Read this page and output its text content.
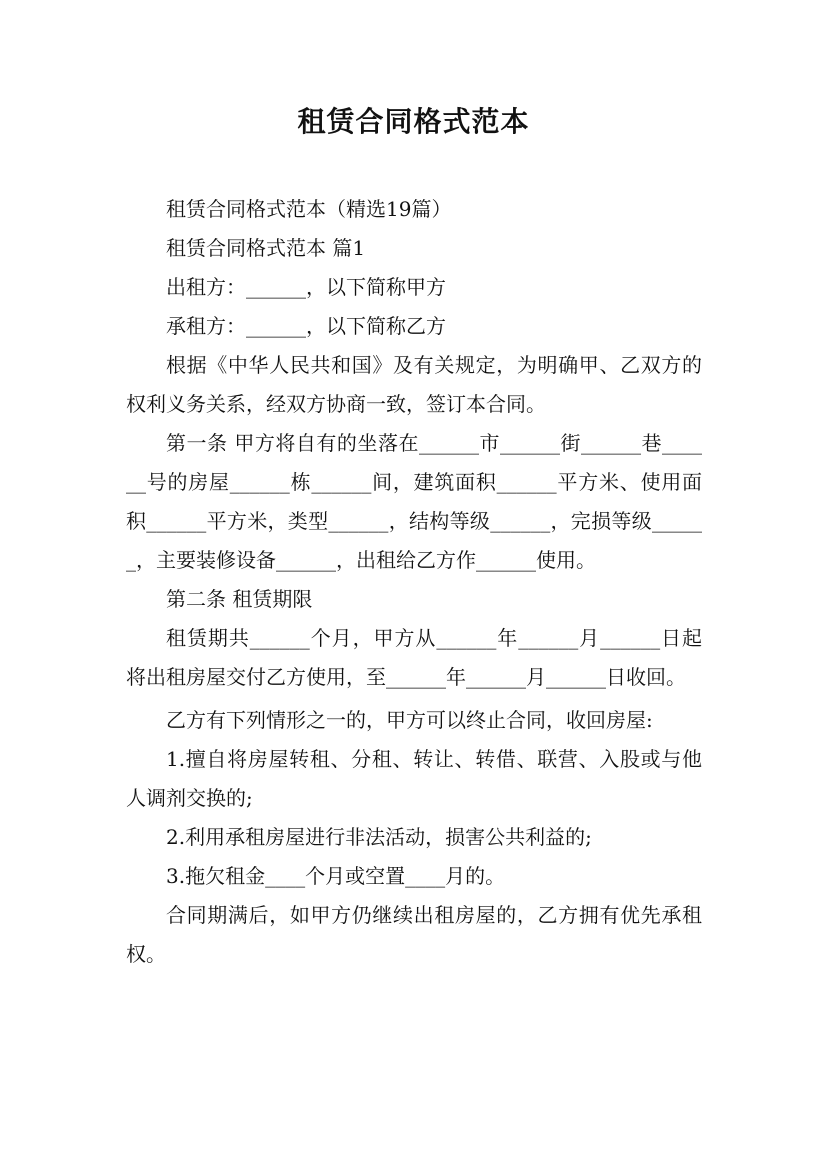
租赁合同格式范本

租赁合同格式范本（精选19篇）

租赁合同格式范本 篇1

出租方：______，以下简称甲方

承租方：______，以下简称乙方

根据《中华人民共和国》及有关规定，为明确甲、乙双方的权利义务关系，经双方协商一致，签订本合同。

第一条 甲方将自有的坐落在______市______街______巷______号的房屋______栋______间，建筑面积______平方米、使用面积______平方米，类型______，结构等级______，完损等级______，主要装修设备______，出租给乙方作______使用。

第二条 租赁期限

租赁期共______个月，甲方从______年______月______日起将出租房屋交付乙方使用，至______年______月______日收回。

乙方有下列情形之一的，甲方可以终止合同，收回房屋:

1.擅自将房屋转租、分租、转让、转借、联营、入股或与他人调剂交换的;

2.利用承租房屋进行非法活动，损害公共利益的;

3.拖欠租金____个月或空置____月的。

合同期满后，如甲方仍继续出租房屋的，乙方拥有优先承租权。
